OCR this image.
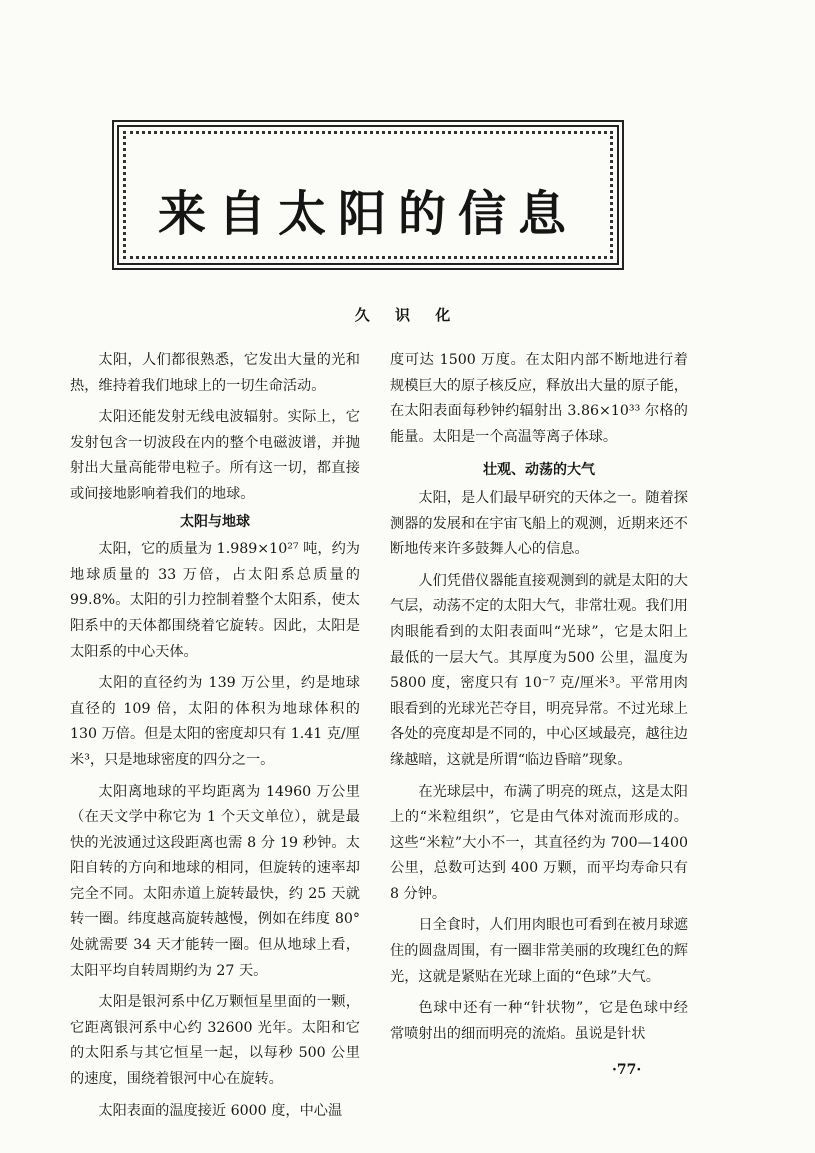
来自太阳的信息
久 识 化

太阳，人们都很熟悉，它发出大量的光和热，维持着我们地球上的一切生命活动。

太阳还能发射无线电波辐射。实际上，它发射包含一切波段在内的整个电磁波谱，并抛射出大量高能带电粒子。所有这一切，都直接或间接地影响着我们的地球。

太阳与地球

太阳，它的质量为 1.989×10²⁷ 吨，约为地球质量的 33 万倍，占太阳系总质量的 99.8%。太阳的引力控制着整个太阳系，使太阳系中的天体都围绕着它旋转。因此，太阳是太阳系的中心天体。

太阳的直径约为 139 万公里，约是地球直径的 109 倍，太阳的体积为地球体积的 130 万倍。但是太阳的密度却只有 1.41 克/厘米³，只是地球密度的四分之一。

太阳离地球的平均距离为 14960 万公里（在天文学中称它为 1 个天文单位），就是最快的光波通过这段距离也需 8 分 19 秒钟。太阳自转的方向和地球的相同，但旋转的速率却完全不同。太阳赤道上旋转最快，约 25 天就转一圈。纬度越高旋转越慢，例如在纬度 80°处就需要 34 天才能转一圈。但从地球上看，太阳平均自转周期约为 27 天。

太阳是银河系中亿万颗恒星里面的一颗，它距离银河系中心约 32600 光年。太阳和它的太阳系与其它恒星一起，以每秒 500 公里的速度，围绕着银河中心在旋转。

太阳表面的温度接近 6000 度，中心温

度可达 1500 万度。在太阳内部不断地进行着规模巨大的原子核反应，释放出大量的原子能，在太阳表面每秒钟约辐射出 3.86×10³³ 尔格的能量。太阳是一个高温等离子体球。

壮观、动荡的大气

太阳，是人们最早研究的天体之一。随着探测器的发展和在宇宙飞船上的观测，近期来还不断地传来许多鼓舞人心的信息。

人们凭借仪器能直接观测到的就是太阳的大气层，动荡不定的太阳大气，非常壮观。我们用肉眼能看到的太阳表面叫“光球”，它是太阳上最低的一层大气。其厚度为500 公里，温度为 5800 度，密度只有 10⁻⁷ 克/厘米³。平常用肉眼看到的光球光芒夺目，明亮异常。不过光球上各处的亮度却是不同的，中心区域最亮，越往边缘越暗，这就是所谓“临边昏暗”现象。

在光球层中，布满了明亮的斑点，这是太阳上的“米粒组织”，它是由气体对流而形成的。这些“米粒”大小不一，其直径约为 700—1400 公里，总数可达到 400 万颗，而平均寿命只有 8 分钟。

日全食时，人们用肉眼也可看到在被月球遮住的圆盘周围，有一圈非常美丽的玫瑰红色的辉光，这就是紧贴在光球上面的“色球”大气。

色球中还有一种“针状物”，它是色球中经常喷射出的细而明亮的流焰。虽说是针状

·77·
